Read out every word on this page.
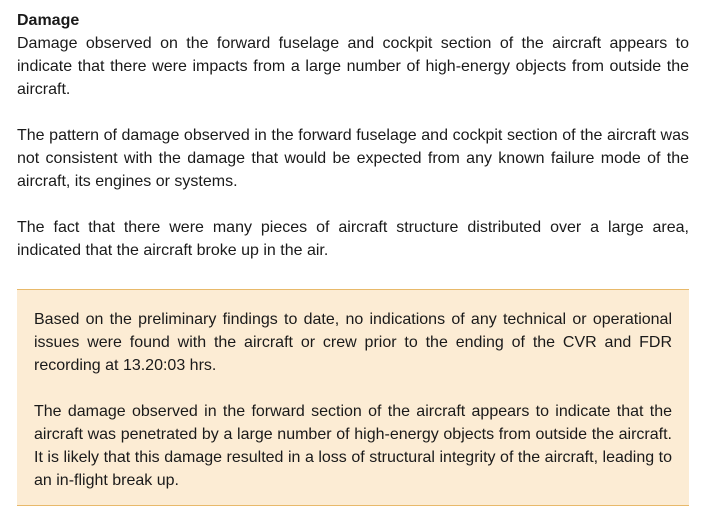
Damage

Damage observed on the forward fuselage and cockpit section of the aircraft appears to indicate that there were impacts from a large number of high-energy objects from outside the aircraft.

The pattern of damage observed in the forward fuselage and cockpit section of the aircraft was not consistent with the damage that would be expected from any known failure mode of the aircraft, its engines or systems.

The fact that there were many pieces of aircraft structure distributed over a large area, indicated that the aircraft broke up in the air.

Based on the preliminary findings to date, no indications of any technical or operational issues were found with the aircraft or crew prior to the ending of the CVR and FDR recording at 13.20:03 hrs.

The damage observed in the forward section of the aircraft appears to indicate that the aircraft was penetrated by a large number of high-energy objects from outside the aircraft. It is likely that this damage resulted in a loss of structural integrity of the aircraft, leading to an in-flight break up.
